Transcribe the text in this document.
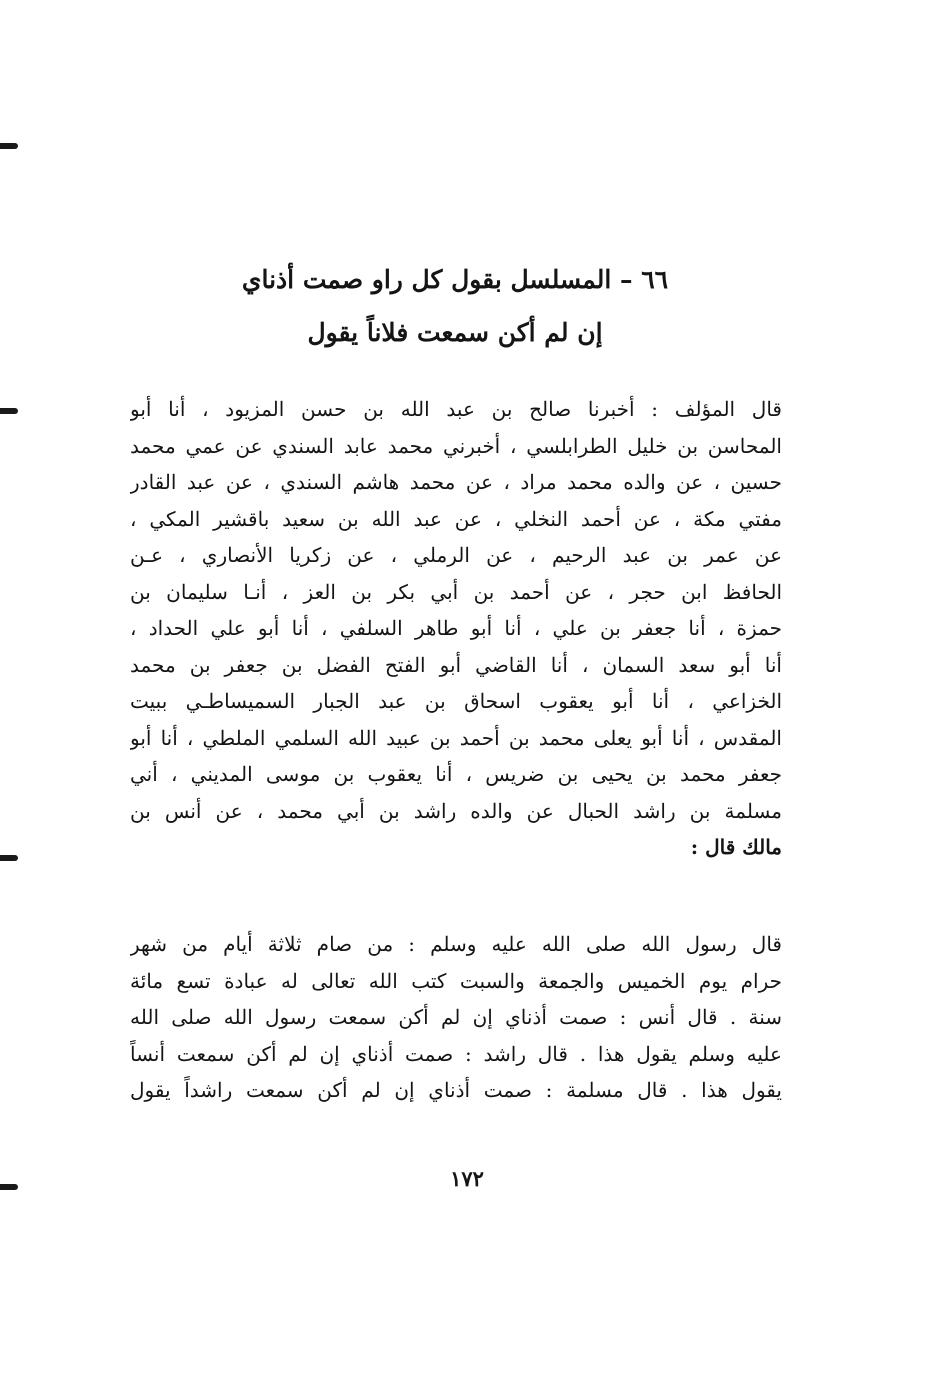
٦٦ – المسلسل بقول كل راو صمت أذناي
إن لم أكن سمعت فلاناً يقول
قال المؤلف : أخبرنا صالح بن عبد الله بن حسن المزيود ، أنا أبو
المحاسن بن خليل الطرابلسي ، أخبرني محمد عابد السندي عن عمي محمد
حسين ، عن والده محمد مراد ، عن محمد هاشم السندي ، عن عبد القادر
مفتي مكة ، عن أحمد النخلي ، عن عبد الله بن سعيد باقشير المكي ،
عن عمر بن عبد الرحيم ، عن الرملي ، عن زكريا الأنصاري ، عـن
الحافظ ابن حجر ، عن أحمد بن أبي بكر بن العز ، أنـا سليمان بن
حمزة ، أنا جعفر بن علي ، أنا أبو طاهر السلفي ، أنا أبو علي الحداد ،
أنا أبو سعد السمان ، أنا القاضي أبو الفتح الفضل بن جعفر بن محمد
الخزاعي ، أنا أبو يعقوب اسحاق بن عبد الجبار السميساطـي ببيت
المقدس ، أنا أبو يعلى محمد بن أحمد بن عبيد الله السلمي الملطي ، أنا أبو
جعفر محمد بن يحيى بن ضريس ، أنا يعقوب بن موسى المديني ، أني
مسلمة بن راشد الحبال عن والده راشد بن أبي محمد ، عن أنس بن
مالك قال :
قال رسول الله صلى الله عليه وسلم : من صام ثلاثة أيام من شهر
حرام يوم الخميس والجمعة والسبت كتب الله تعالى له عبادة تسع مائة
سنة . قال أنس : صمت أذناي إن لم أكن سمعت رسول الله صلى الله
عليه وسلم يقول هذا . قال راشد : صمت أذناي إن لم أكن سمعت أنساً
يقول هذا . قال مسلمة : صمت أذناي إن لم أكن سمعت راشداً يقول
١٧٢
